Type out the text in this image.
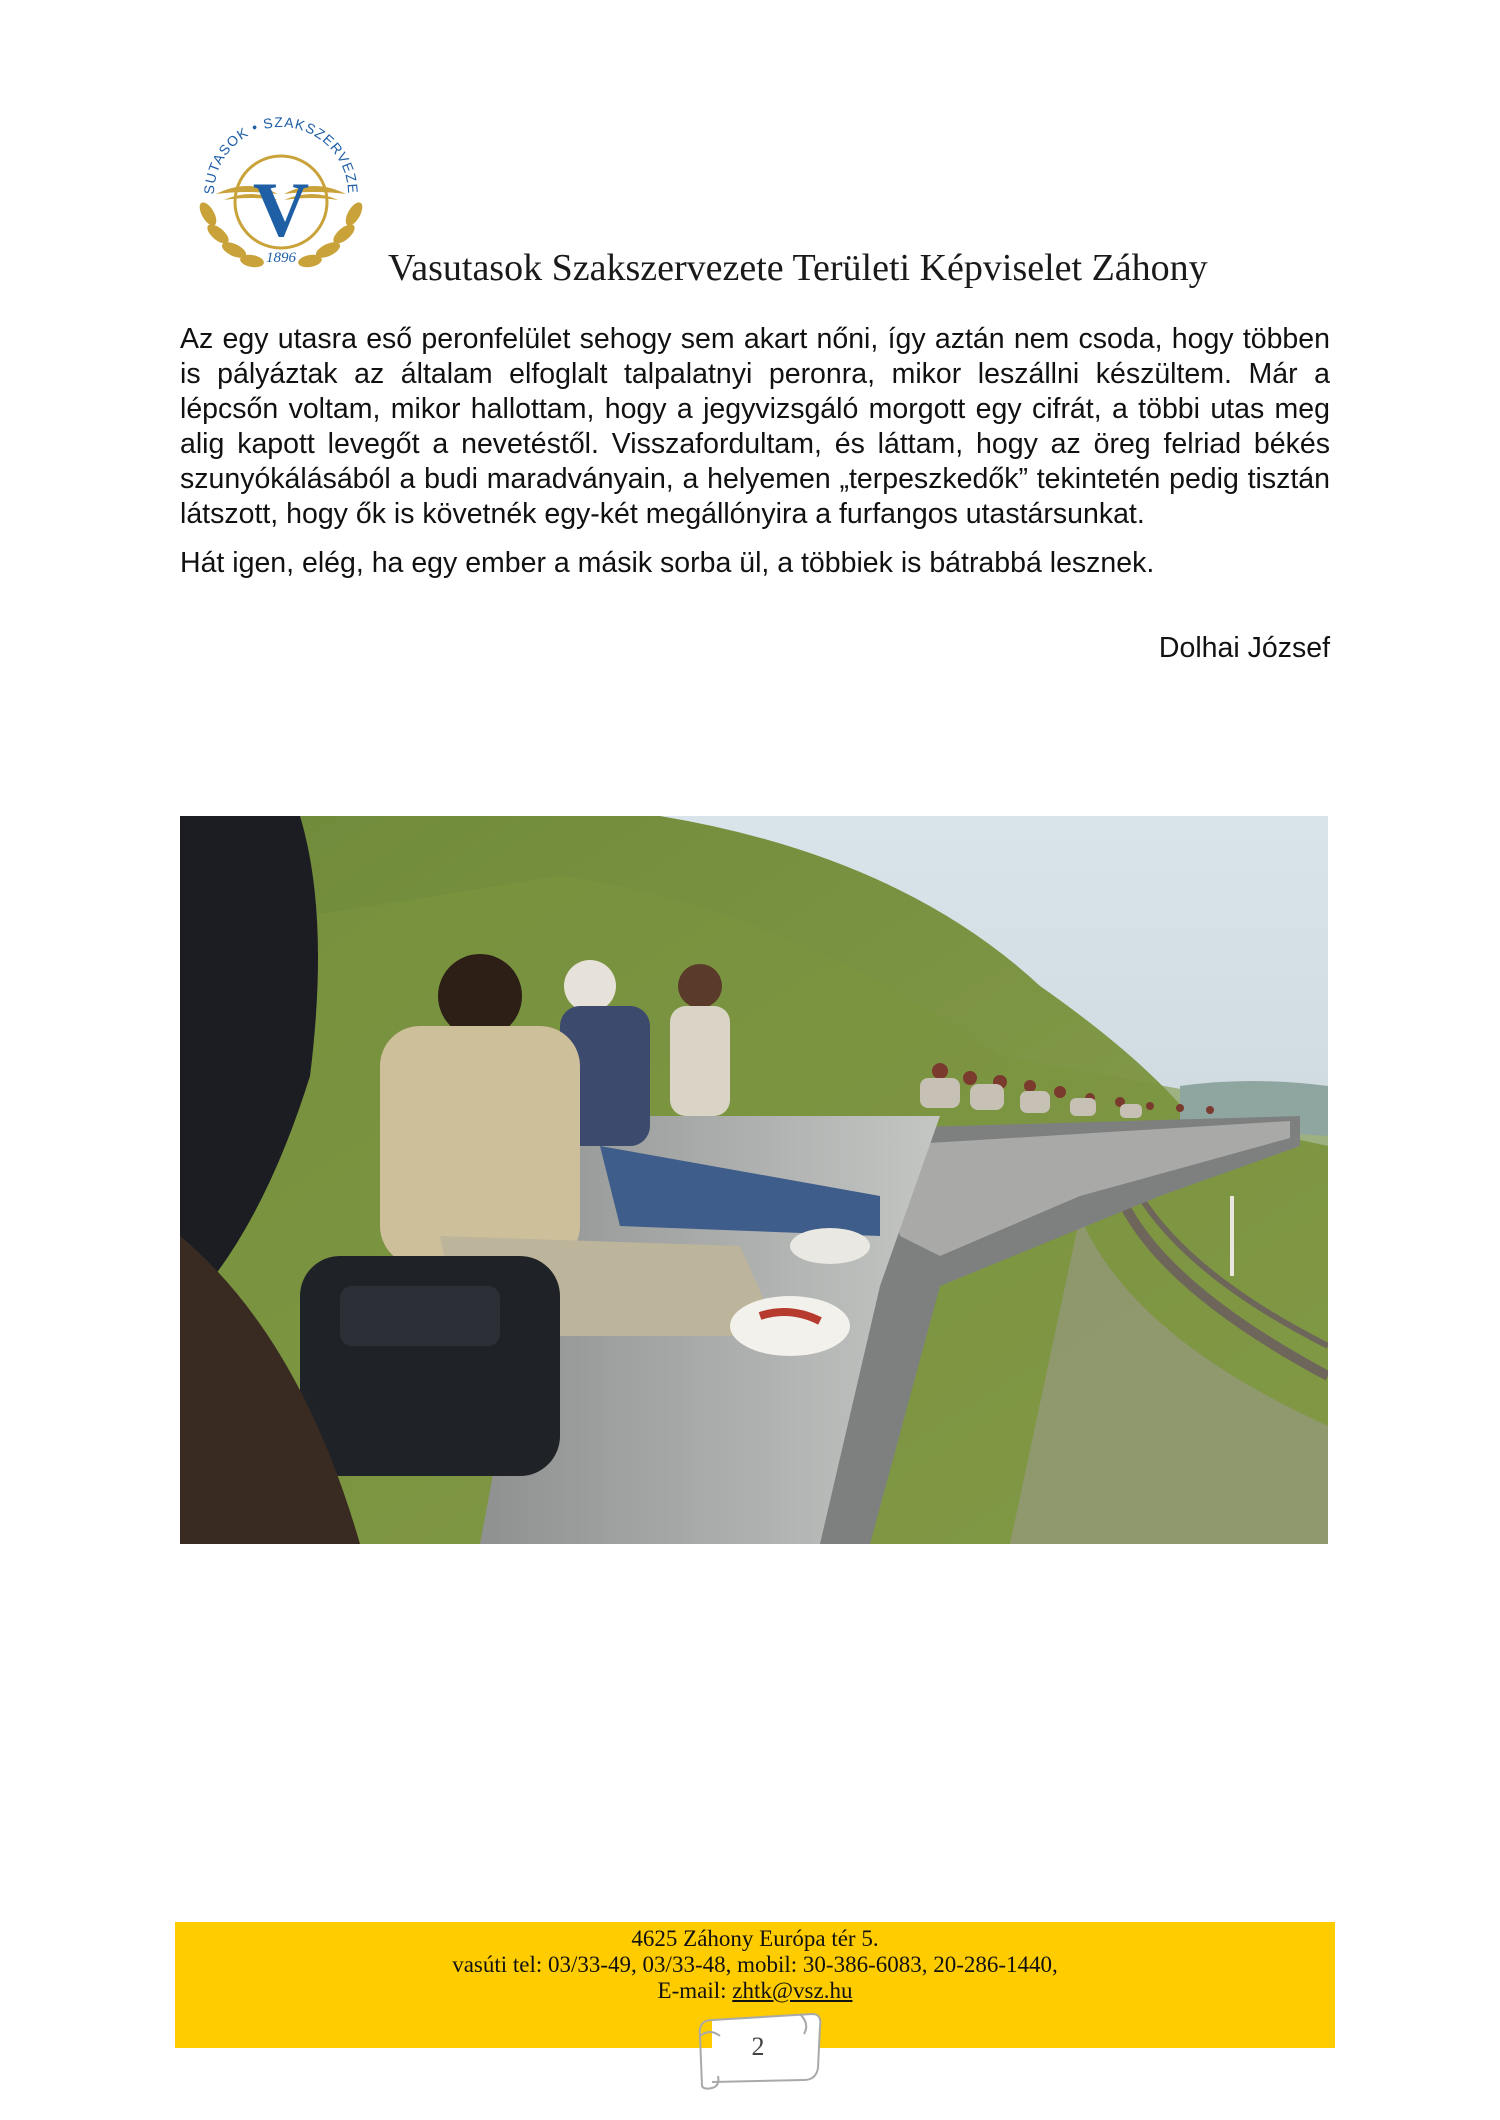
V
1896
SUTASOK • SZAKSZERVEZE
Vasutasok Szakszervezete Területi Képviselet Záhony

Az egy utasra eső peronfelület sehogy sem akart nőni, így aztán nem csoda, hogy többen is pályáztak az általam elfoglalt talpalatnyi peronra, mikor leszállni készültem. Már a lépcsőn voltam, mikor hallottam, hogy a jegyvizsgáló morgott egy cifrát, a többi utas meg alig kapott levegőt a nevetéstől. Visszafordultam, és láttam, hogy az öreg felriad békés szunyókálásából a budi maradványain, a helyemen „terpeszkedők” tekintetén pedig tisztán látszott, hogy ők is követnék egy-két megállónyira a furfangos utastársunkat.

Hát igen, elég, ha egy ember a másik sorba ül, a többiek is bátrabbá lesznek.

Dolhai József
4625 Záhony Európa tér 5.
vasúti tel: 03/33-49, 03/33-48, mobil: 30-386-6083, 20-286-1440,
E-mail: zhtk@vsz.hu
2
